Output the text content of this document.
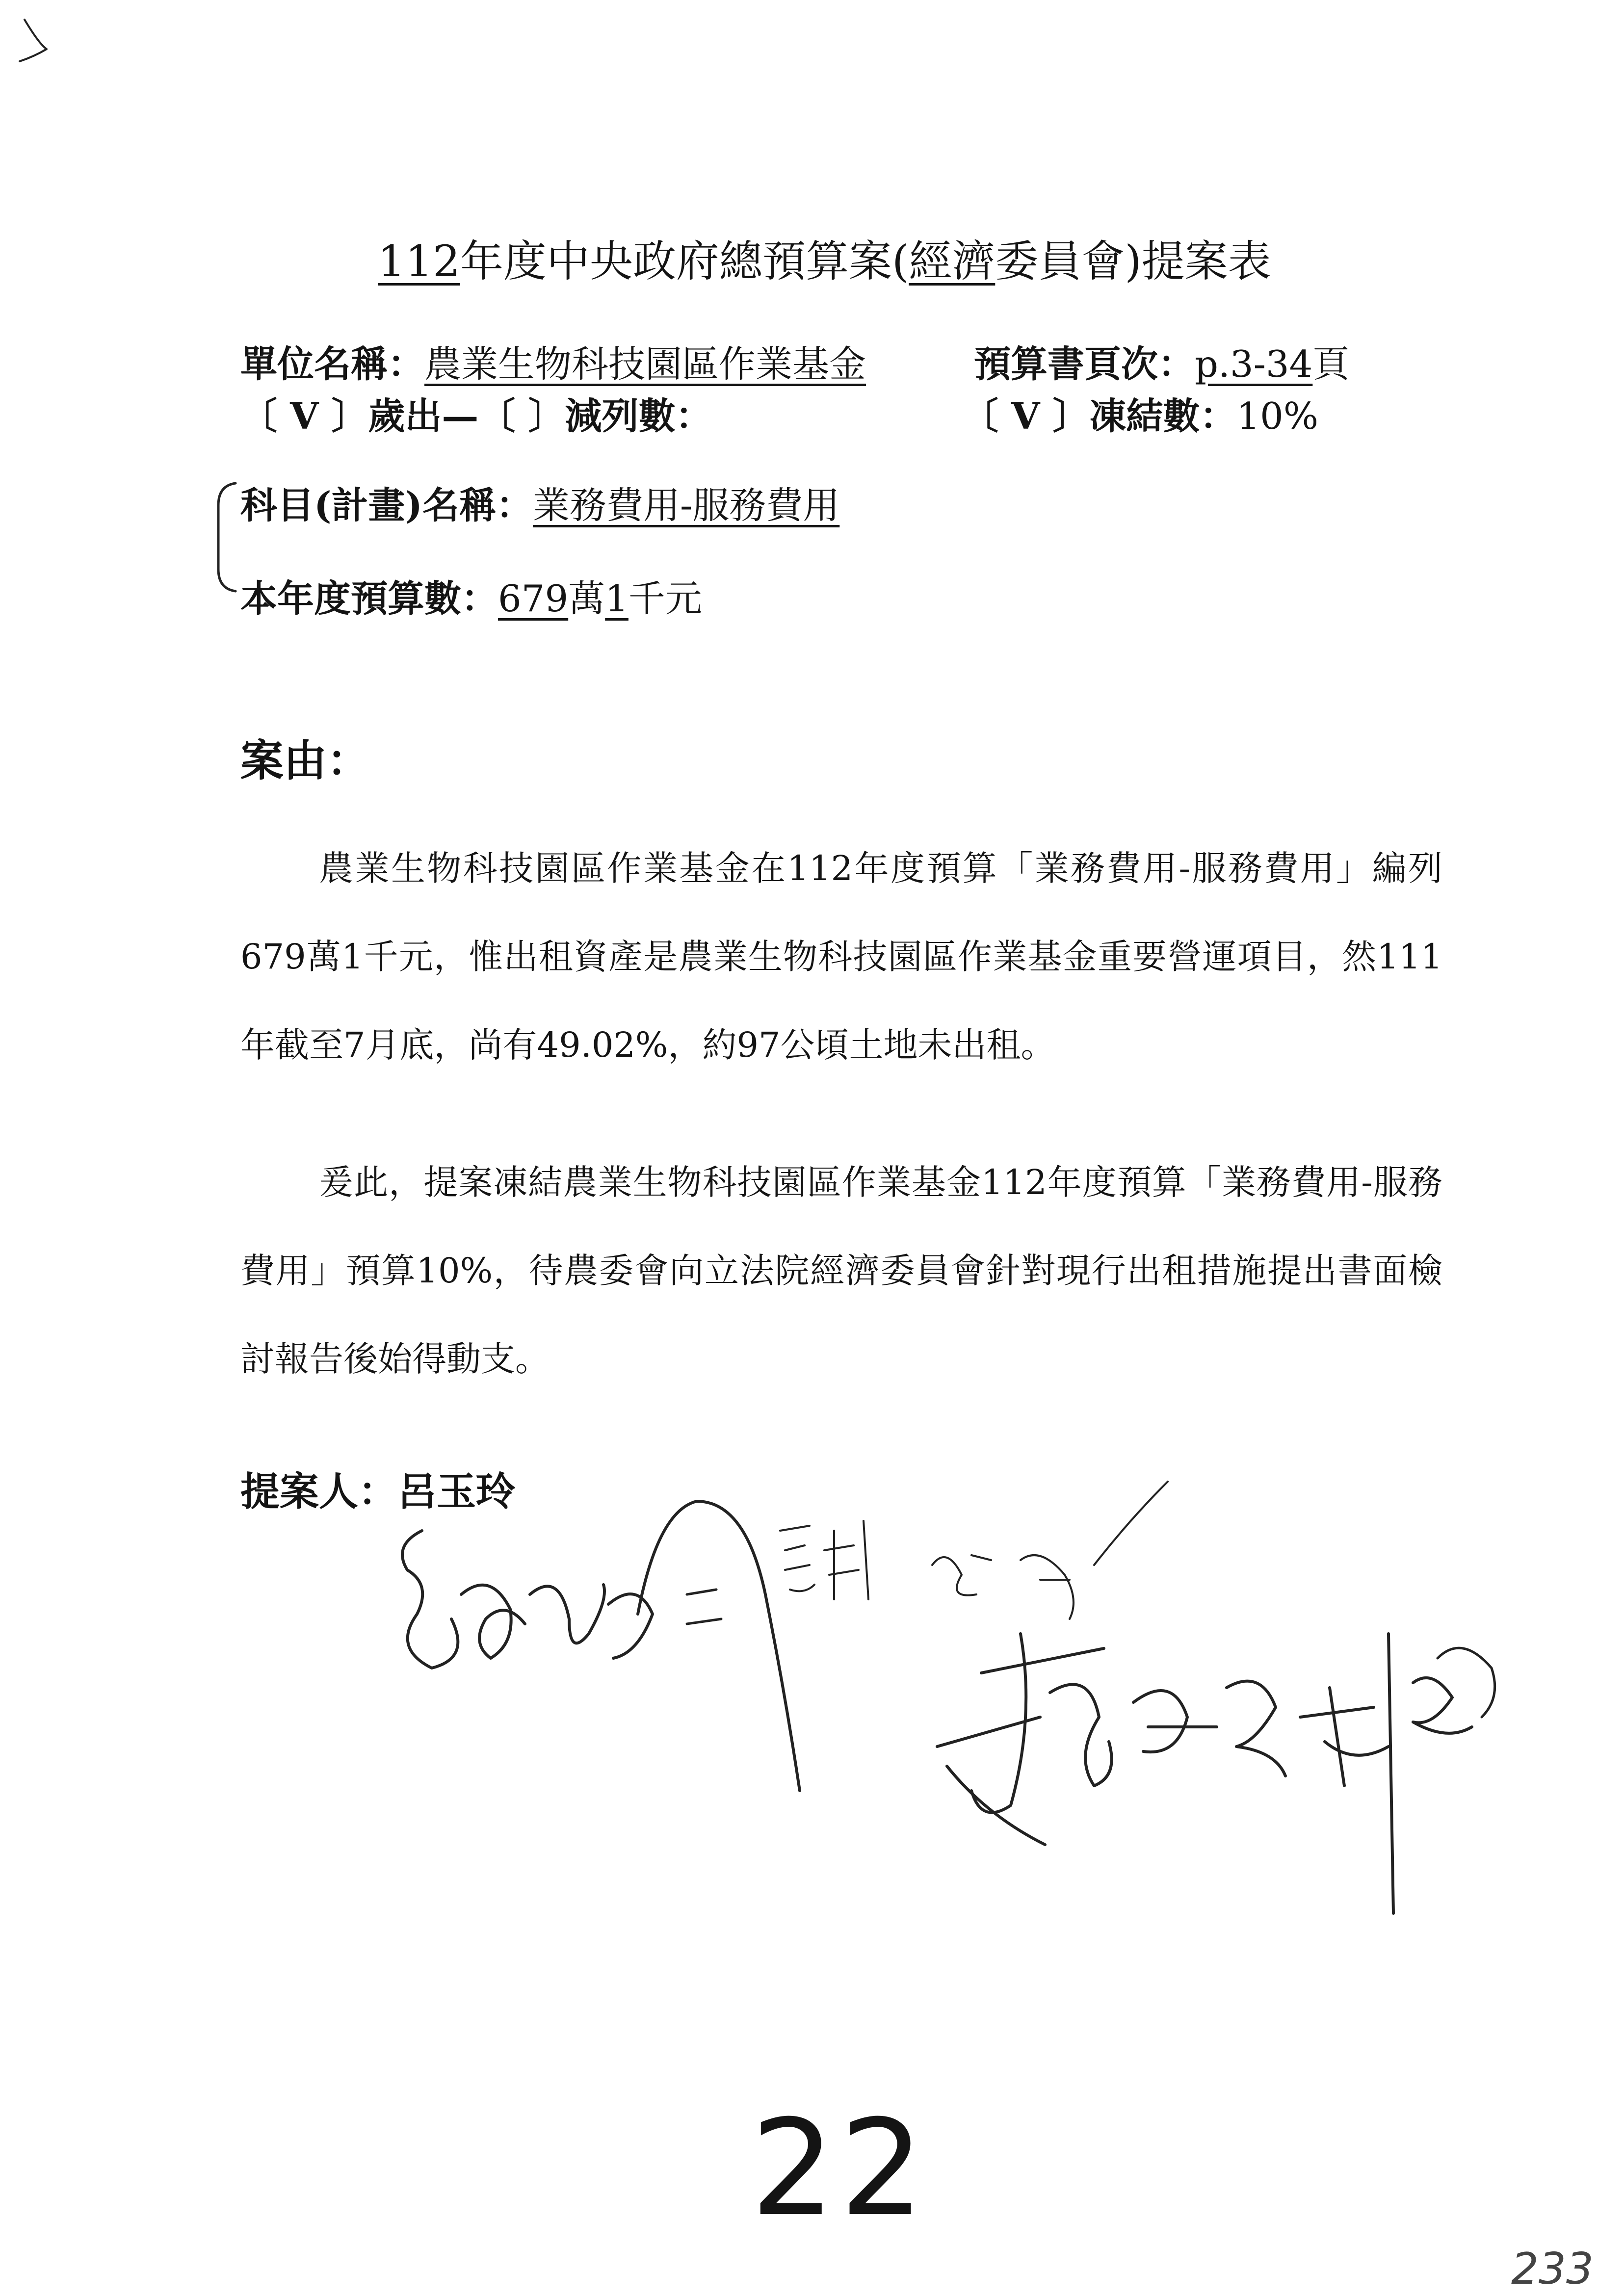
112年度中央政府總預算案(經濟委員會)提案表
單位名稱：農業生物科技園區作業基金	預算書頁次：p.3-34頁
〔 V 〕歲出—〔 〕減列數：	〔 V 〕凍結數：10%
科目(計畫)名稱：業務費用-服務費用
本年度預算數：679萬1千元
案由：

農業生物科技園區作業基金在112年度預算「業務費用-服務費用」編列679萬1千元，惟出租資產是農業生物科技園區作業基金重要營運項目，然111年截至7月底，尚有49.02%，約97公頃土地未出租。

爰此，提案凍結農業生物科技園區作業基金112年度預算「業務費用-服務費用」預算10%，待農委會向立法院經濟委員會針對現行出租措施提出書面檢討報告後始得動支。

提案人：呂玉玲
22
233
